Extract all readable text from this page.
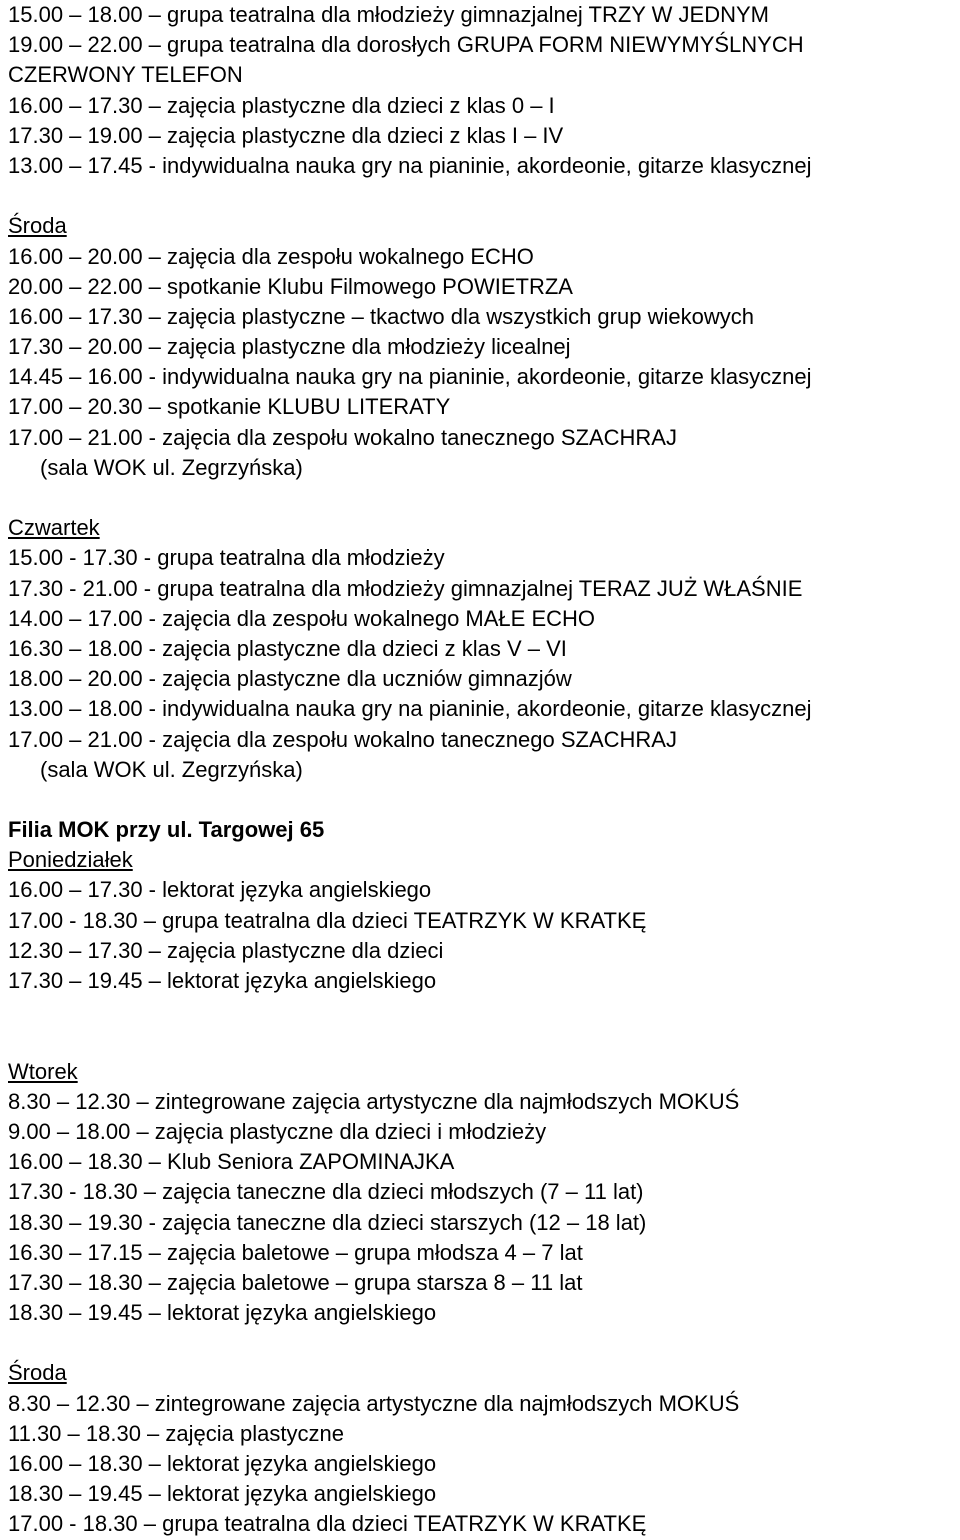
15.00 – 18.00 – grupa teatralna dla młodzieży gimnazjalnej TRZY W JEDNYM
19.00 – 22.00 – grupa teatralna dla dorosłych GRUPA FORM NIEWYMYŚLNYCH
CZERWONY TELEFON
16.00 – 17.30 – zajęcia plastyczne dla dzieci z klas 0 – I
17.30 – 19.00 – zajęcia plastyczne dla dzieci z klas I – IV
13.00 – 17.45 - indywidualna nauka gry na pianinie, akordeonie, gitarze klasycznej
Środa
16.00 – 20.00 – zajęcia dla zespołu wokalnego ECHO
20.00 – 22.00 – spotkanie Klubu Filmowego POWIETRZA
16.00 – 17.30 – zajęcia plastyczne – tkactwo dla wszystkich grup wiekowych
17.30 – 20.00 – zajęcia plastyczne dla młodzieży licealnej
14.45 – 16.00 - indywidualna nauka gry na pianinie, akordeonie, gitarze klasycznej
17.00 – 20.30 – spotkanie KLUBU LITERATY
17.00 – 21.00 - zajęcia dla zespołu wokalno tanecznego SZACHRAJ
(sala WOK ul. Zegrzyńska)
Czwartek
15.00 - 17.30 - grupa teatralna dla młodzieży
17.30 - 21.00 - grupa teatralna dla młodzieży gimnazjalnej TERAZ JUŻ WŁAŚNIE
14.00 – 17.00 - zajęcia dla zespołu wokalnego MAŁE ECHO
16.30 – 18.00 - zajęcia plastyczne dla dzieci z klas V – VI
18.00 – 20.00 - zajęcia plastyczne dla uczniów gimnazjów
13.00 – 18.00 - indywidualna nauka gry na pianinie, akordeonie, gitarze klasycznej
17.00 – 21.00 - zajęcia dla zespołu wokalno tanecznego SZACHRAJ
(sala WOK ul. Zegrzyńska)
Filia MOK przy ul. Targowej 65
Poniedziałek
16.00 – 17.30 - lektorat języka angielskiego
17.00 - 18.30 – grupa teatralna dla dzieci TEATRZYK W KRATKĘ
12.30 – 17.30 – zajęcia plastyczne dla dzieci
17.30 – 19.45 – lektorat języka angielskiego
Wtorek
8.30 – 12.30 – zintegrowane zajęcia artystyczne dla najmłodszych MOKUŚ
9.00 – 18.00 – zajęcia plastyczne dla dzieci i młodzieży
16.00 – 18.30 – Klub Seniora ZAPOMINAJKA
17.30 - 18.30 – zajęcia taneczne dla dzieci młodszych (7 – 11 lat)
18.30 – 19.30 - zajęcia taneczne dla dzieci starszych (12 – 18 lat)
16.30 – 17.15 – zajęcia baletowe – grupa młodsza 4 – 7 lat
17.30 – 18.30 – zajęcia baletowe – grupa starsza 8 – 11 lat
18.30 – 19.45 – lektorat języka angielskiego
Środa
8.30 – 12.30 – zintegrowane zajęcia artystyczne dla najmłodszych MOKUŚ
11.30 – 18.30 – zajęcia plastyczne
16.00 – 18.30 – lektorat języka angielskiego
18.30 – 19.45 – lektorat języka angielskiego
17.00 - 18.30 – grupa teatralna dla dzieci TEATRZYK W KRATKĘ
